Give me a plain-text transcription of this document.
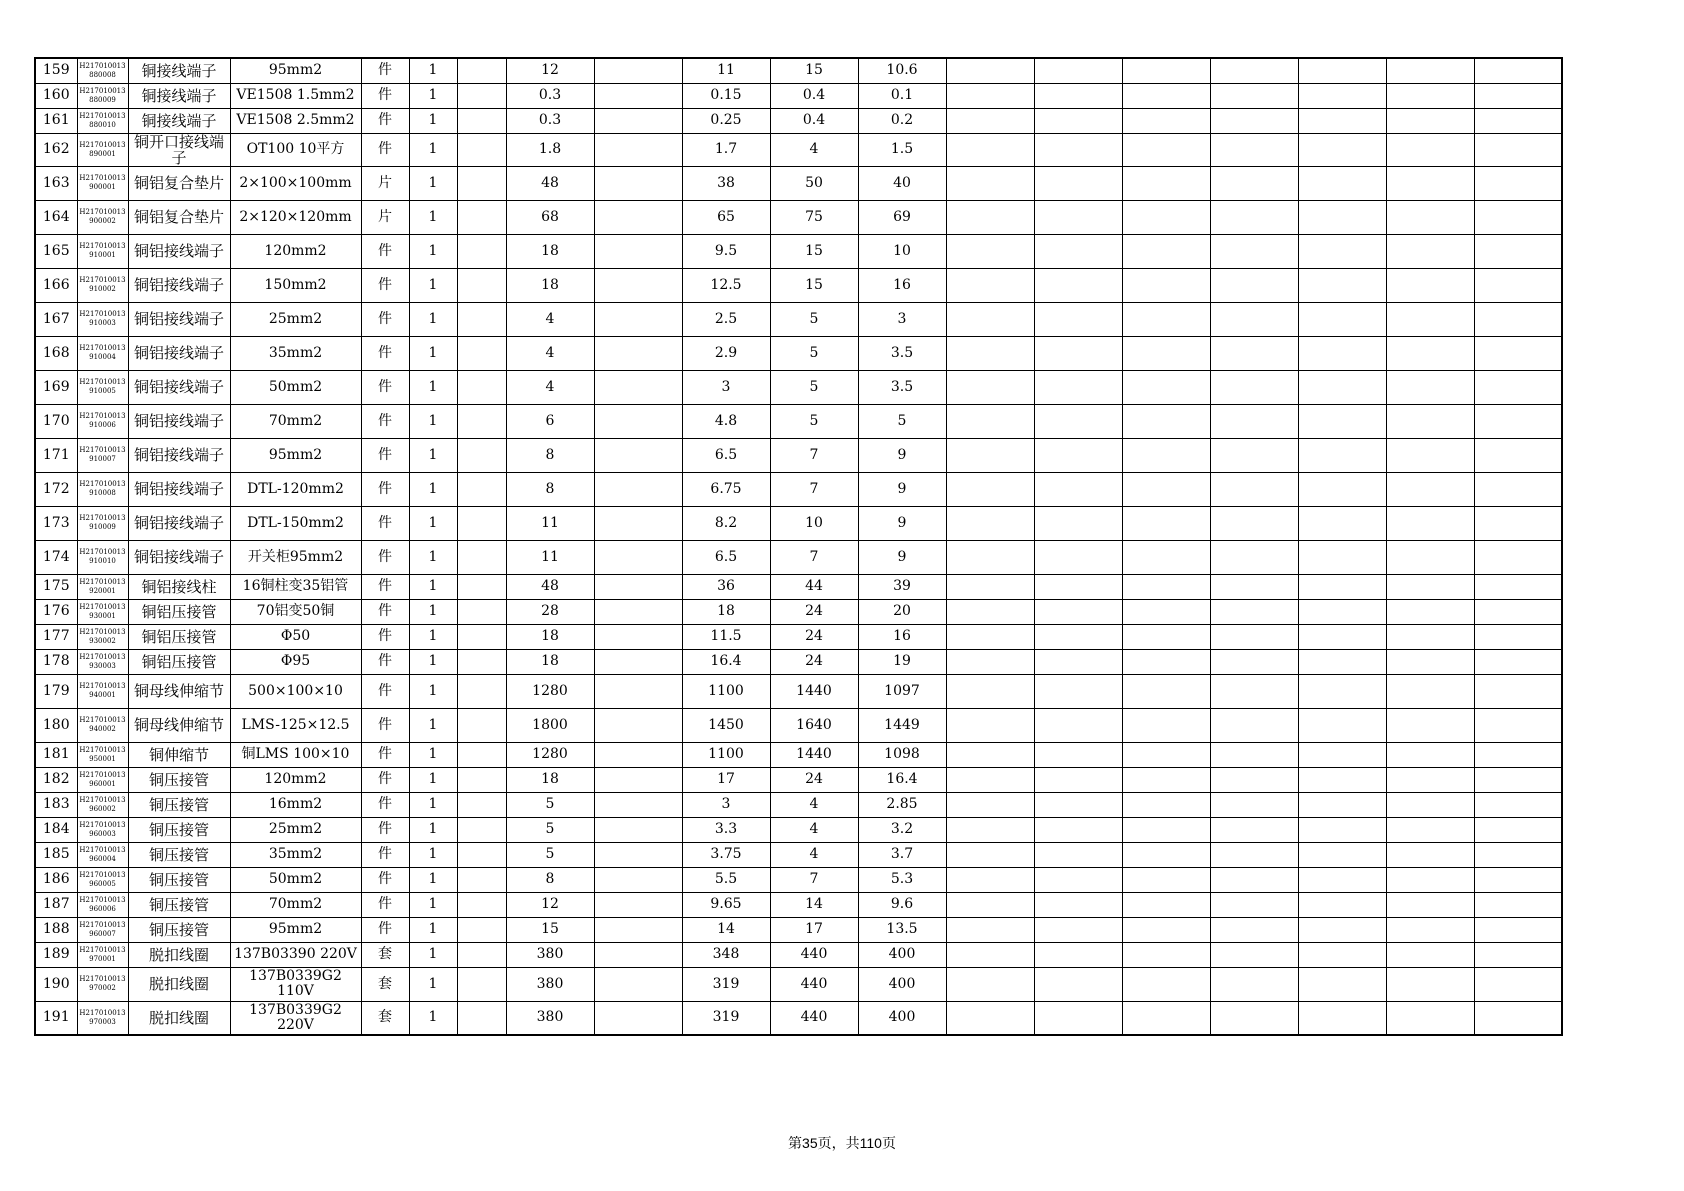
159	H217010013880008	铜接线端子	95mm2	件	1		12		11	15	10.6							
160	H217010013880009	铜接线端子	VE1508 1.5mm2	件	1		0.3		0.15	0.4	0.1							
161	H217010013880010	铜接线端子	VE1508 2.5mm2	件	1		0.3		0.25	0.4	0.2							
162	H217010013890001	铜开口接线端子	OT100 10平方	件	1		1.8		1.7	4	1.5							
163	H217010013900001	铜铝复合垫片	2×100×100mm	片	1		48		38	50	40							
164	H217010013900002	铜铝复合垫片	2×120×120mm	片	1		68		65	75	69							
165	H217010013910001	铜铝接线端子	120mm2	件	1		18		9.5	15	10							
166	H217010013910002	铜铝接线端子	150mm2	件	1		18		12.5	15	16							
167	H217010013910003	铜铝接线端子	25mm2	件	1		4		2.5	5	3							
168	H217010013910004	铜铝接线端子	35mm2	件	1		4		2.9	5	3.5							
169	H217010013910005	铜铝接线端子	50mm2	件	1		4		3	5	3.5							
170	H217010013910006	铜铝接线端子	70mm2	件	1		6		4.8	5	5							
171	H217010013910007	铜铝接线端子	95mm2	件	1		8		6.5	7	9							
172	H217010013910008	铜铝接线端子	DTL-120mm2	件	1		8		6.75	7	9							
173	H217010013910009	铜铝接线端子	DTL-150mm2	件	1		11		8.2	10	9							
174	H217010013910010	铜铝接线端子	开关柜95mm2	件	1		11		6.5	7	9							
175	H217010013920001	铜铝接线柱	16铜柱变35铝管	件	1		48		36	44	39							
176	H217010013930001	铜铝压接管	70铝变50铜	件	1		28		18	24	20							
177	H217010013930002	铜铝压接管	Φ50	件	1		18		11.5	24	16							
178	H217010013930003	铜铝压接管	Φ95	件	1		18		16.4	24	19							
179	H217010013940001	铜母线伸缩节	500×100×10	件	1		1280		1100	1440	1097							
180	H217010013940002	铜母线伸缩节	LMS-125×12.5	件	1		1800		1450	1640	1449							
181	H217010013950001	铜伸缩节	铜LMS 100×10	件	1		1280		1100	1440	1098							
182	H217010013960001	铜压接管	120mm2	件	1		18		17	24	16.4							
183	H217010013960002	铜压接管	16mm2	件	1		5		3	4	2.85							
184	H217010013960003	铜压接管	25mm2	件	1		5		3.3	4	3.2							
185	H217010013960004	铜压接管	35mm2	件	1		5		3.75	4	3.7							
186	H217010013960005	铜压接管	50mm2	件	1		8		5.5	7	5.3							
187	H217010013960006	铜压接管	70mm2	件	1		12		9.65	14	9.6							
188	H217010013960007	铜压接管	95mm2	件	1		15		14	17	13.5							
189	H217010013970001	脱扣线圈	137B03390 220V	套	1		380		348	440	400							
190	H217010013970002	脱扣线圈	137B0339G2 110V	套	1		380		319	440	400							
191	H217010013970003	脱扣线圈	137B0339G2 220V	套	1		380		319	440	400							
第35页，共110页
